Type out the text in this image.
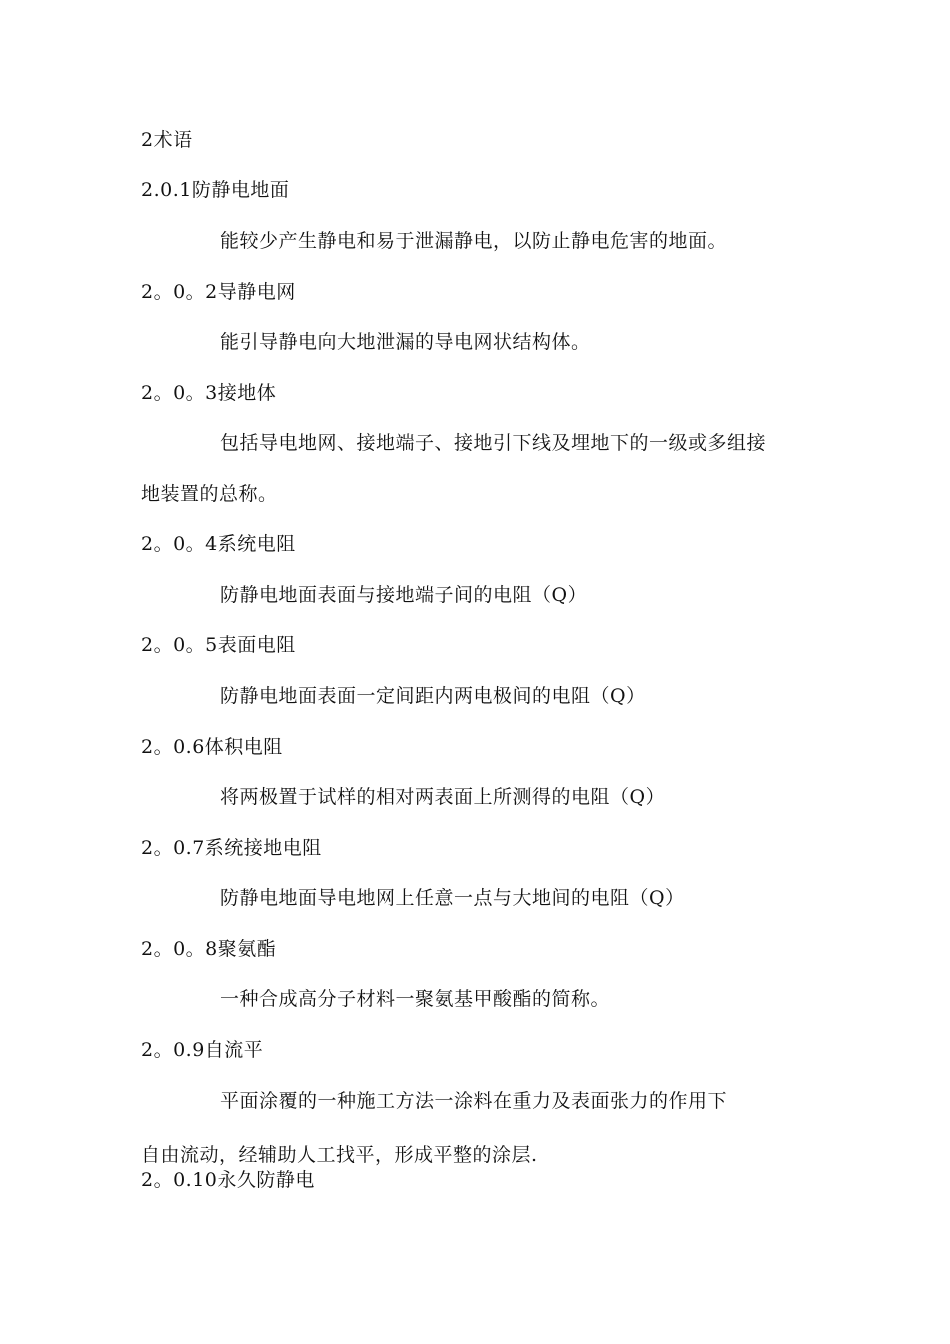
2术语
2.0.1防静电地面
能较少产生静电和易于泄漏静电，以防止静电危害的地面。
2。0。2导静电网
能引导静电向大地泄漏的导电网状结构体。
2。0。3接地体
包括导电地网、接地端子、接地引下线及埋地下的一级或多组接
地装置的总称。
2。0。4系统电阻
防静电地面表面与接地端子间的电阻（Q）
2。0。5表面电阻
防静电地面表面一定间距内两电极间的电阻（Q）
2。0.6体积电阻
将两极置于试样的相对两表面上所测得的电阻（Q）
2。0.7系统接地电阻
防静电地面导电地网上任意一点与大地间的电阻（Q）
2。0。8聚氨酯
一种合成高分子材料一聚氨基甲酸酯的简称。
2。0.9自流平
平面涂覆的一种施工方法一涂料在重力及表面张力的作用下
自由流动，经辅助人工找平，形成平整的涂层.
2。0.10永久防静电
